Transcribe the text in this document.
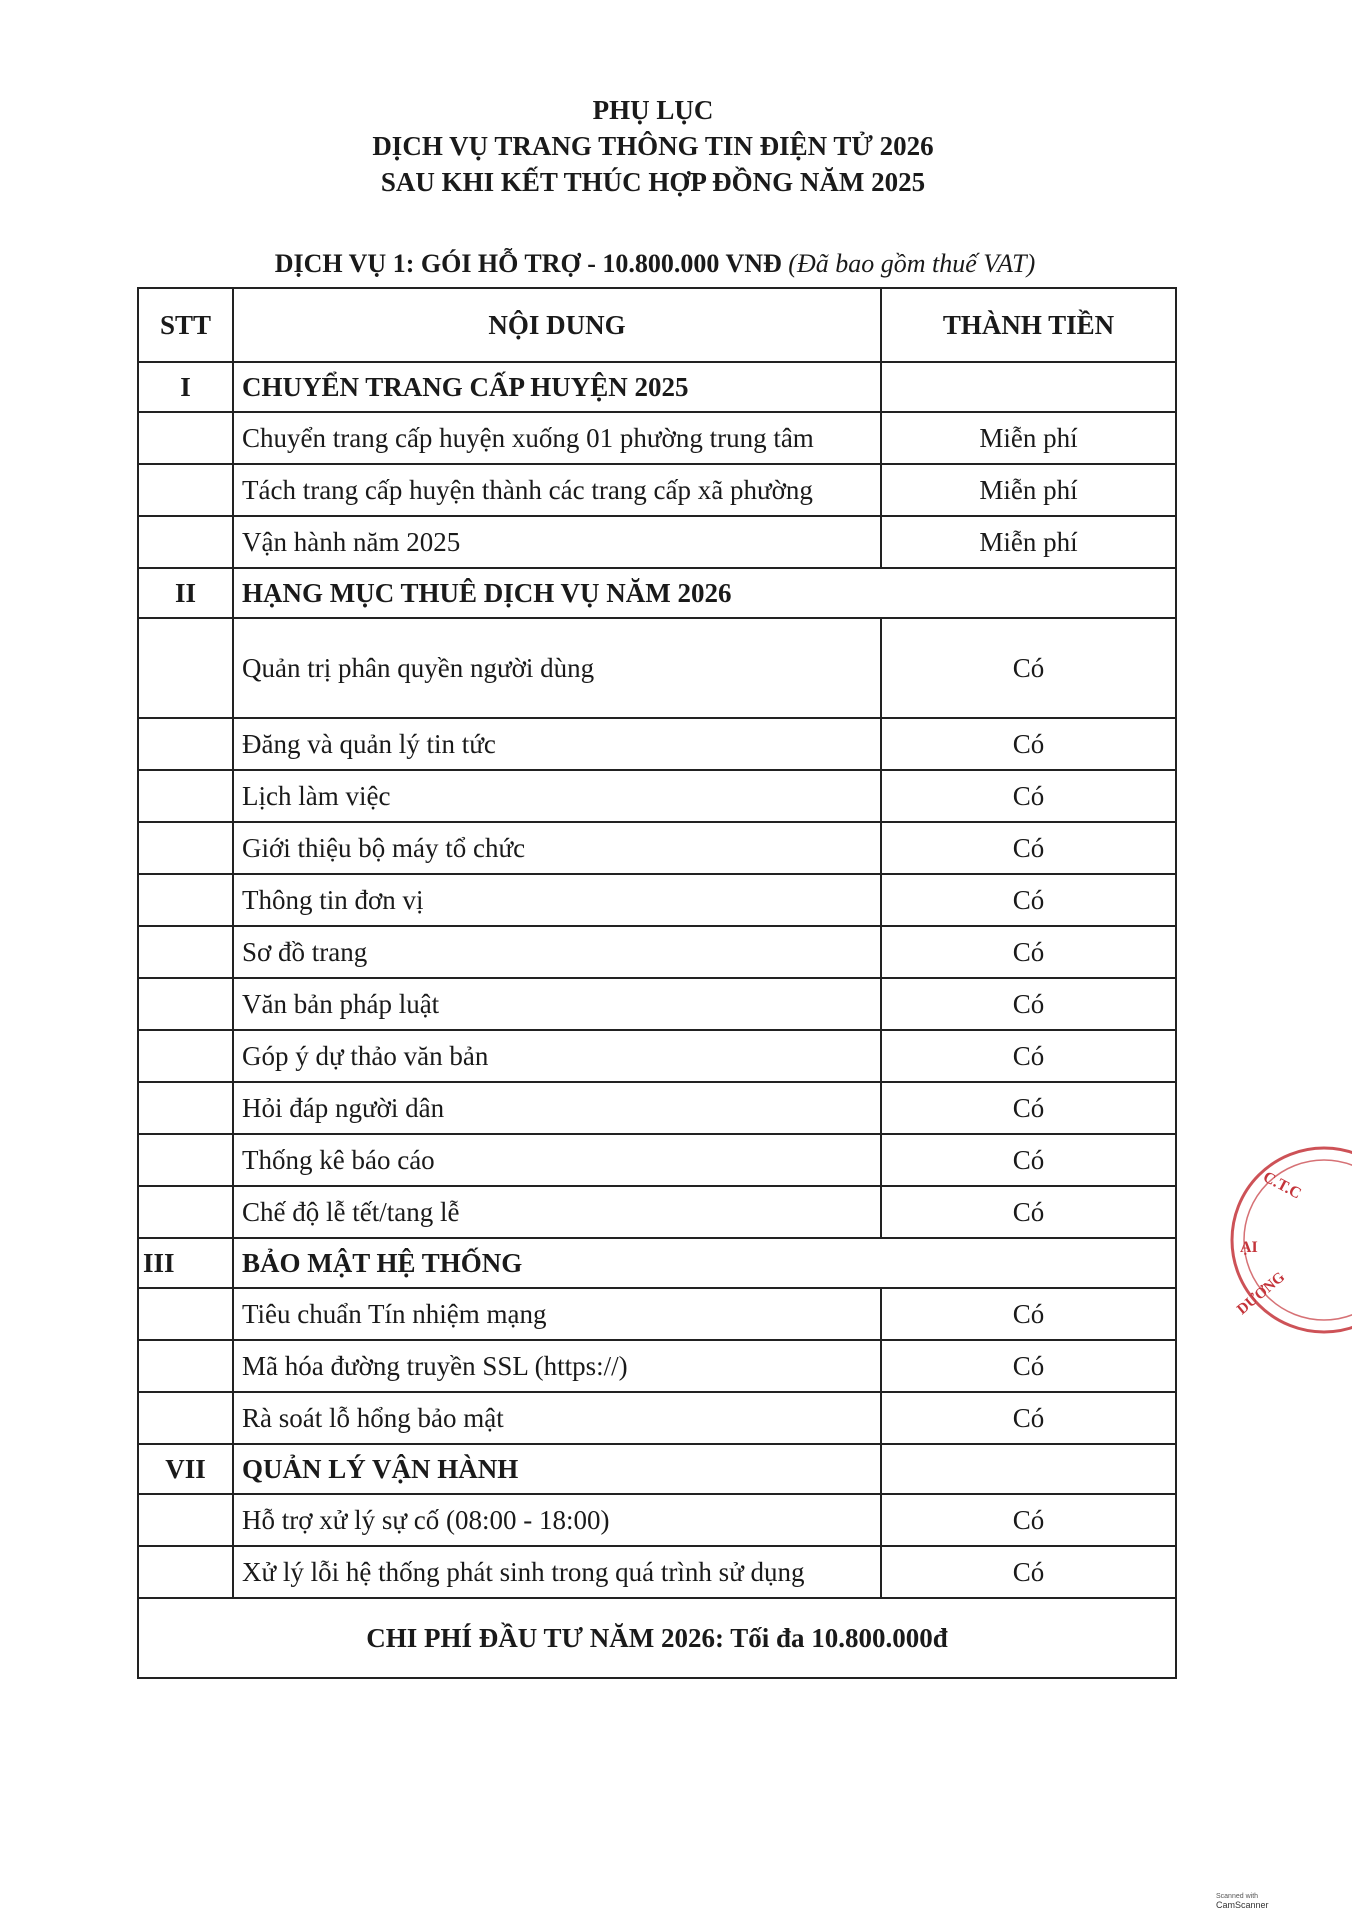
PHỤ LỤC
DỊCH VỤ TRANG THÔNG TIN ĐIỆN TỬ 2026
SAU KHI KẾT THÚC HỢP ĐỒNG NĂM 2025
DỊCH VỤ 1: GÓI HỖ TRỢ - 10.800.000 VNĐ (Đã bao gồm thuế VAT)
STT	NỘI DUNG	THÀNH TIỀN
I	CHUYỂN TRANG CẤP HUYỆN 2025	
	Chuyển trang cấp huyện xuống 01 phường trung tâm	Miễn phí
	Tách trang cấp huyện thành các trang cấp xã phường	Miễn phí
	Vận hành năm 2025	Miễn phí
II	HẠNG MỤC THUÊ DỊCH VỤ NĂM 2026	
	Quản trị phân quyền người dùng	Có
	Đăng và quản lý tin tức	Có
	Lịch làm việc	Có
	Giới thiệu bộ máy tổ chức	Có
	Thông tin đơn vị	Có
	Sơ đồ trang	Có
	Văn bản pháp luật	Có
	Góp ý dự thảo văn bản	Có
	Hỏi đáp người dân	Có
	Thống kê báo cáo	Có
	Chế độ lễ tết/tang lễ	Có
III	BẢO MẬT HỆ THỐNG	
	Tiêu chuẩn Tín nhiệm mạng	Có
	Mã hóa đường truyền SSL (https://)	Có
	Rà soát lỗ hổng bảo mật	Có
VII	QUẢN LÝ VẬN HÀNH	
	Hỗ trợ xử lý sự cố (08:00 - 18:00)	Có
	Xử lý lỗi hệ thống phát sinh trong quá trình sử dụng	Có
CHI PHÍ ĐẦU TƯ NĂM 2026: Tối đa 10.800.000đ		
C.T.C
ẠI
DƯƠNG
Scanned with
CamScanner
